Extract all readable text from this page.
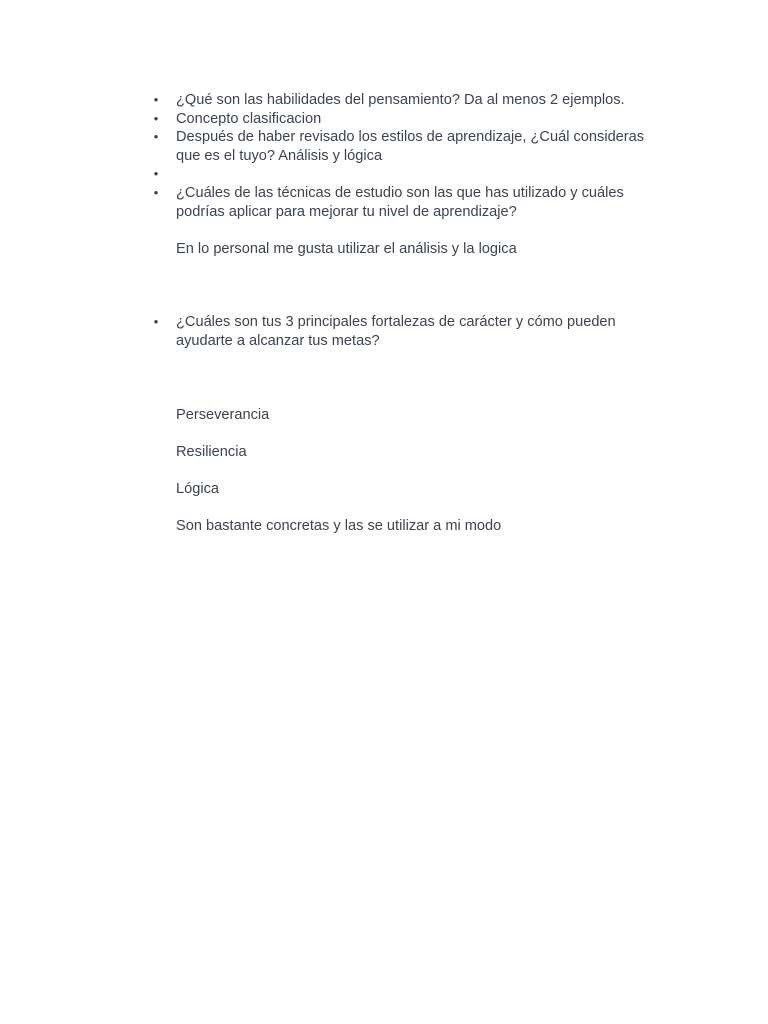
• ¿Qué son las habilidades del pensamiento? Da al menos 2 ejemplos.
• Concepto clasificacion
• Después de haber revisado los estilos de aprendizaje, ¿Cuál consideras que es el tuyo? Análisis y lógica
•

• ¿Cuáles de las técnicas de estudio son las que has utilizado y cuáles podrías aplicar para mejorar tu nivel de aprendizaje?
En lo personal me gusta utilizar el análisis y la logica
• ¿Cuáles son tus 3 principales fortalezas de carácter y cómo pueden ayudarte a alcanzar tus metas?
Perseverancia
Resiliencia
Lógica
Son bastante concretas y las se utilizar a mi modo
